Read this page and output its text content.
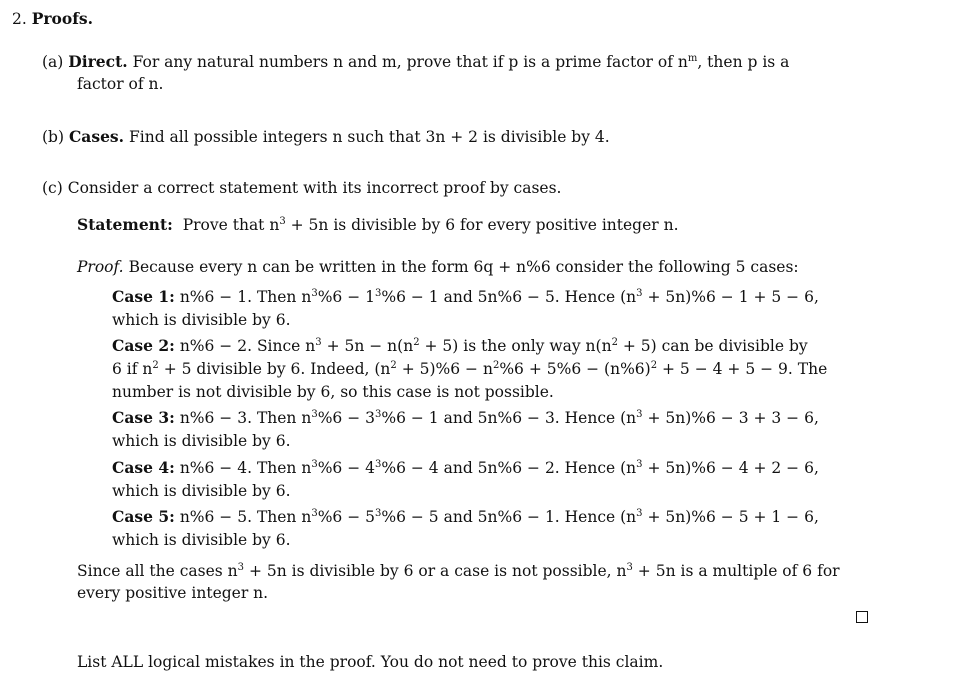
2. Proofs.
(a) Direct. For any natural numbers n and m, prove that if p is a prime factor of $n^m$, then p is a
factor of n.
(b) Cases. Find all possible integers n such that 3n + 2 is divisible by 4.
(c) Consider a correct statement with its incorrect proof by cases.
Statement: Prove that $n^3 + 5n$ is divisible by 6 for every positive integer n.
Proof. Because every n can be written in the form 6q + n%6 consider the following 5 cases:
Case 1: n%6 − 1. Then $n^3\%6 - 1^3\%6 - 1$ and 5n%6 − 5. Hence $(n^3 + 5n)\%6 - 1 + 5 - 6$,
which is divisible by 6.
Case 2: n%6 − 2. Since $n^3 + 5n - n(n^2 + 5)$ is the only way $n(n^2 + 5)$ can be divisible by
6 if $n^2 + 5$ divisible by 6. Indeed, $(n^2 + 5)\%6 - n^2\%6 + 5\%6 - (n\%6)^2 + 5 - 4 + 5 - 9$. The
number is not divisible by 6, so this case is not possible.
Case 3: n%6 − 3. Then $n^3\%6 - 3^3\%6 - 1$ and 5n%6 − 3. Hence $(n^3 + 5n)\%6 - 3 + 3 - 6$,
which is divisible by 6.
Case 4: n%6 − 4. Then $n^3\%6 - 4^3\%6 - 4$ and 5n%6 − 2. Hence $(n^3 + 5n)\%6 - 4 + 2 - 6$,
which is divisible by 6.
Case 5: n%6 − 5. Then $n^3\%6 - 5^3\%6 - 5$ and 5n%6 − 1. Hence $(n^3 + 5n)\%6 - 5 + 1 - 6$,
which is divisible by 6.
Since all the cases $n^3 + 5n$ is divisible by 6 or a case is not possible, $n^3 + 5n$ is a multiple of 6 for
every positive integer n.
List ALL logical mistakes in the proof. You do not need to prove this claim.
